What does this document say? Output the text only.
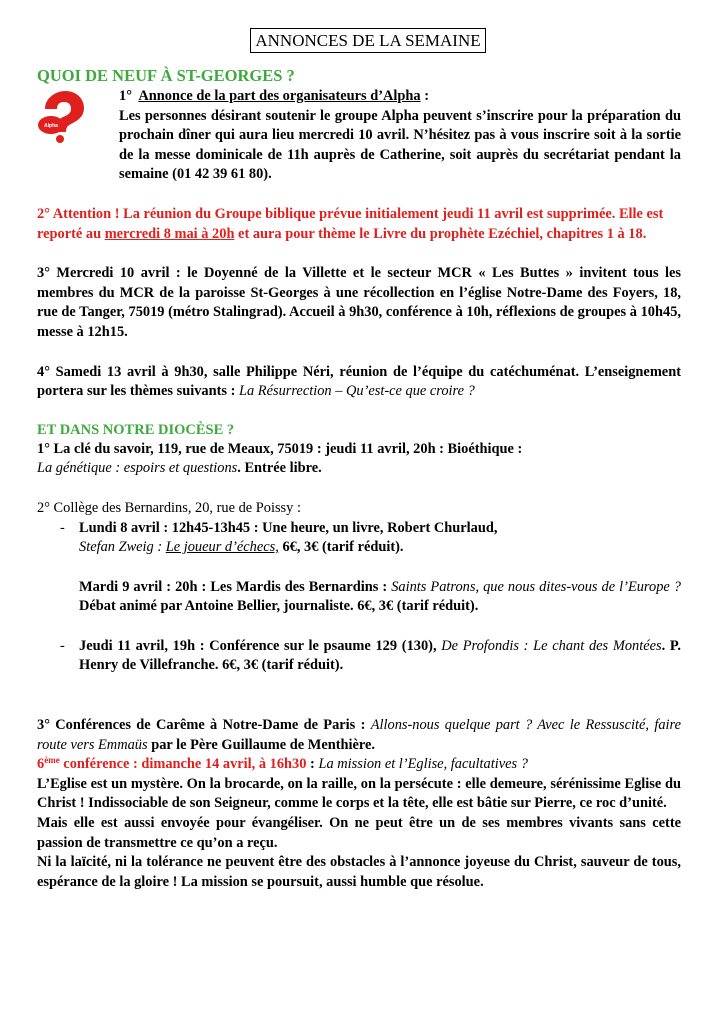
ANNONCES DE LA SEMAINE
QUOI DE NEUF À ST-GEORGES ?
Alpha

1° Annonce de la part des organisateurs d’Alpha :

Les personnes désirant soutenir le groupe Alpha peuvent s’inscrire pour la préparation du prochain dîner qui aura lieu mercredi 10 avril. N’hésitez pas à vous inscrire soit à la sortie de la messe dominicale de 11h auprès de Catherine, soit auprès du secrétariat pendant la semaine (01 42 39 61 80).

2° Attention ! La réunion du Groupe biblique prévue initialement jeudi 11 avril est supprimée. Elle est reporté au mercredi 8 mai à 20h et aura pour thème le Livre du prophète Ezéchiel, chapitres 1 à 18.

3° Mercredi 10 avril : le Doyenné de la Villette et le secteur MCR « Les Buttes » invitent tous les membres du MCR de la paroisse St-Georges à une récollection en l’église Notre-Dame des Foyers, 18, rue de Tanger, 75019 (métro Stalingrad). Accueil à 9h30, conférence à 10h, réflexions de groupes à 10h45, messe à 12h15.

4° Samedi 13 avril à 9h30, salle Philippe Néri, réunion de l’équipe du catéchuménat. L’enseignement portera sur les thèmes suivants : La Résurrection – Qu’est-ce que croire ?

ET DANS NOTRE DIOCÈSE ?

1° La clé du savoir, 119, rue de Meaux, 75019 : jeudi 11 avril, 20h : Bioéthique :

La génétique : espoirs et questions. Entrée libre.

2° Collège des Bernardins, 20, rue de Poissy :

- Lundi 8 avril : 12h45-13h45 : Une heure, un livre, Robert Churlaud,

Stefan Zweig : Le joueur d’échecs, 6€, 3€ (tarif réduit).

Mardi 9 avril : 20h : Les Mardis des Bernardins : Saints Patrons, que nous dites-vous de l’Europe ? Débat animé par Antoine Bellier, journaliste. 6€, 3€ (tarif réduit).

- Jeudi 11 avril, 19h : Conférence sur le psaume 129 (130), De Profondis : Le chant des Montées. P. Henry de Villefranche. 6€, 3€ (tarif réduit).

3° Conférences de Carême à Notre-Dame de Paris : Allons-nous quelque part ? Avec le Ressuscité, faire route vers Emmaüs par le Père Guillaume de Menthière.

6ème conférence : dimanche 14 avril, à 16h30 : La mission et l’Eglise, facultatives ?

L’Eglise est un mystère. On la brocarde, on la raille, on la persécute : elle demeure, sérénissime Eglise du Christ ! Indissociable de son Seigneur, comme le corps et la tête, elle est bâtie sur Pierre, ce roc d’unité.

Mais elle est aussi envoyée pour évangéliser. On ne peut être un de ses membres vivants sans cette passion de transmettre ce qu’on a reçu.

Ni la laïcité, ni la tolérance ne peuvent être des obstacles à l’annonce joyeuse du Christ, sauveur de tous, espérance de la gloire ! La mission se poursuit, aussi humble que résolue.
